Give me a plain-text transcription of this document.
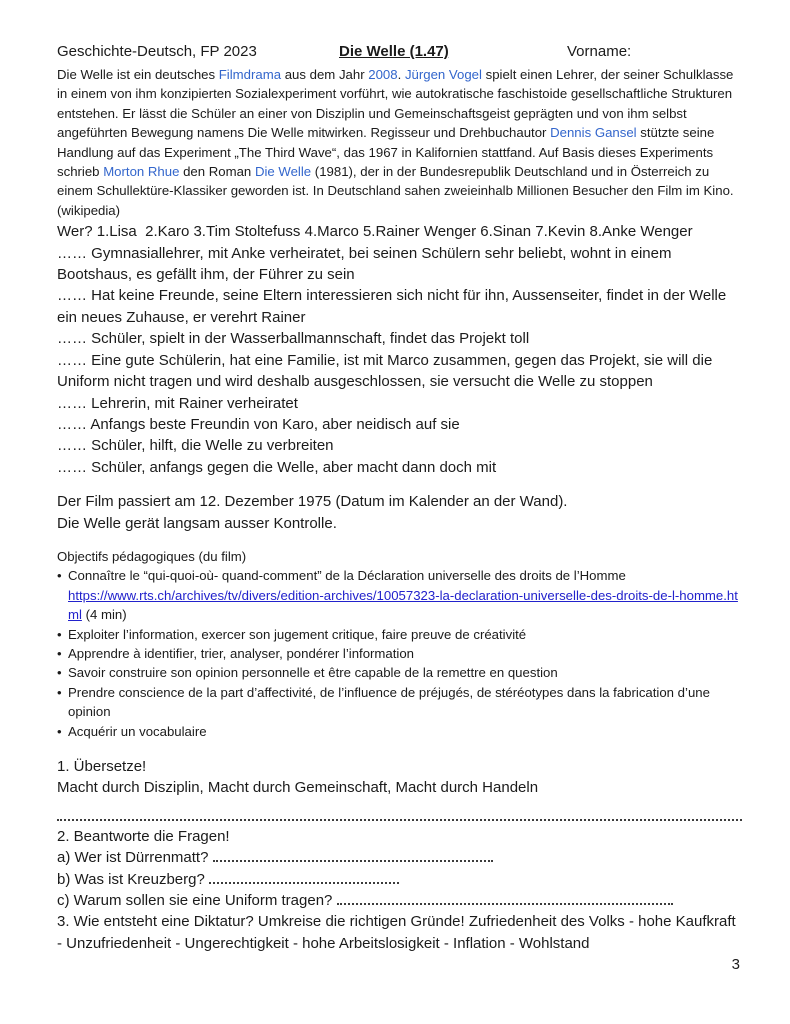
Geschichte-Deutsch, FP 2023	Die Welle (1.47)	Vorname:
Die Welle ist ein deutsches Filmdrama aus dem Jahr 2008. Jürgen Vogel spielt einen Lehrer, der seiner Schulklasse in einem von ihm konzipierten Sozialexperiment vorführt, wie autokratische faschistoide gesellschaftliche Strukturen entstehen. Er lässt die Schüler an einer von Disziplin und Gemeinschaftsgeist geprägten und von ihm selbst angeführten Bewegung namens Die Welle mitwirken. Regisseur und Drehbuchautor Dennis Gansel stützte seine Handlung auf das Experiment „The Third Wave“, das 1967 in Kalifornien stattfand. Auf Basis dieses Experiments schrieb Morton Rhue den Roman Die Welle (1981), der in der Bundesrepublik Deutschland und in Österreich zu einem Schullektüre-Klassiker geworden ist. In Deutschland sahen zweieinhalb Millionen Besucher den Film im Kino. (wikipedia)
Wer? 1.Lisa  2.Karo 3.Tim Stoltefuss 4.Marco 5.Rainer Wenger 6.Sinan 7.Kevin 8.Anke Wenger
…… Gymnasiallehrer, mit Anke verheiratet, bei seinen Schülern sehr beliebt, wohnt in einem Bootshaus, es gefällt ihm, der Führer zu sein
…… Hat keine Freunde, seine Eltern interessieren sich nicht für ihn, Aussenseiter, findet in der Welle ein neues Zuhause, er verehrt Rainer
…… Schüler, spielt in der Wasserballmannschaft, findet das Projekt toll
…… Eine gute Schülerin, hat eine Familie, ist mit Marco zusammen, gegen das Projekt, sie will die Uniform nicht tragen und wird deshalb ausgeschlossen, sie versucht die Welle zu stoppen
…… Lehrerin, mit Rainer verheiratet
…… Anfangs beste Freundin von Karo, aber neidisch auf sie
…… Schüler, hilft, die Welle zu verbreiten
…… Schüler, anfangs gegen die Welle, aber macht dann doch mit
Der Film passiert am 12. Dezember 1975 (Datum im Kalender an der Wand).
Die Welle gerät langsam ausser Kontrolle.
Objectifs pédagogiques (du film)
• Connaître le “qui-quoi-où- quand-comment” de la Déclaration universelle des droits de l’Homme
https://www.rts.ch/archives/tv/divers/edition-archives/10057323-la-declaration-universelle-des-droits-de-l-homme.html (4 min)
• Exploiter l’information, exercer son jugement critique, faire preuve de créativité
• Apprendre à identifier, trier, analyser, pondérer l’information
• Savoir construire son opinion personnelle et être capable de la remettre en question
• Prendre conscience de la part d’affectivité, de l’influence de préjugés, de stéréotypes dans la fabrication d’une opinion
• Acquérir un vocabulaire
1. Übersetze!
Macht durch Disziplin, Macht durch Gemeinschaft, Macht durch Handeln
2. Beantworte die Fragen!
a) Wer ist Dürrenmatt?
b) Was ist Kreuzberg?
c) Warum sollen sie eine Uniform tragen?
3. Wie entsteht eine Diktatur? Umkreise die richtigen Gründe! Zufriedenheit des Volks - hohe Kaufkraft - Unzufriedenheit - Ungerechtigkeit - hohe Arbeitslosigkeit - Inflation - Wohlstand
3
